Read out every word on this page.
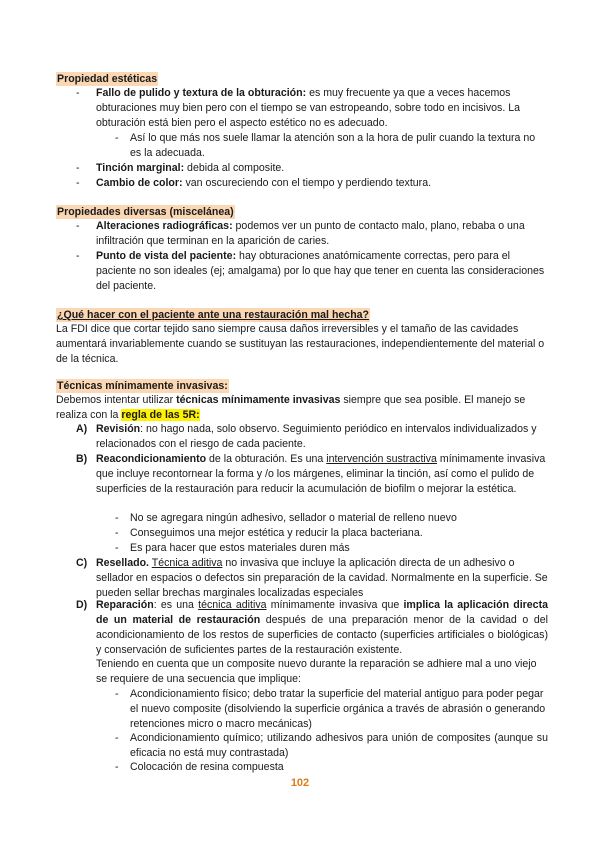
Propiedad estéticas
- Fallo de pulido y textura de la obturación: es muy frecuente ya que a veces hacemos obturaciones muy bien pero con el tiempo se van estropeando, sobre todo en incisivos. La obturación está bien pero el aspecto estético no es adecuado.
- Así lo que más nos suele llamar la atención son a la hora de pulir cuando la textura no es la adecuada.
- Tinción marginal: debida al composite.
- Cambio de color: van oscureciendo con el tiempo y perdiendo textura.
Propiedades diversas (miscelánea)
- Alteraciones radiográficas: podemos ver un punto de contacto malo, plano, rebaba o una infiltración que terminan en la aparición de caries.
- Punto de vista del paciente: hay obturaciones anatómicamente correctas, pero para el paciente no son ideales (ej; amalgama) por lo que hay que tener en cuenta las consideraciones del paciente.
¿Qué hacer con el paciente ante una restauración mal hecha?
La FDI dice que cortar tejido sano siempre causa daños irreversibles y el tamaño de las cavidades aumentará invariablemente cuando se sustituyan las restauraciones, independientemente del material o de la técnica.
Técnicas mínimamente invasivas:
Debemos intentar utilizar técnicas mínimamente invasivas siempre que sea posible. El manejo se realiza con la regla de las 5R:
A) Revisión: no hago nada, solo observo. Seguimiento periódico en intervalos individualizados y relacionados con el riesgo de cada paciente.
B) Reacondicionamiento de la obturación. Es una intervención sustractiva mínimamente invasiva que incluye recontornear la forma y /o los márgenes, eliminar la tinción, así como el pulido de superficies de la restauración para reducir la acumulación de biofilm o mejorar la estética.
- No se agregara ningún adhesivo, sellador o material de relleno nuevo
- Conseguimos una mejor estética y reducir la placa bacteriana.
- Es para hacer que estos materiales duren más
C) Resellado. Técnica aditiva no invasiva que incluye la aplicación directa de un adhesivo o sellador en espacios o defectos sin preparación de la cavidad. Normalmente en la superficie. Se pueden sellar brechas marginales localizadas especiales
D) Reparación: es una técnica aditiva mínimamente invasiva que implica la aplicación directa de un material de restauración después de una preparación menor de la cavidad o del acondicionamiento de los restos de superficies de contacto (superficies artificiales o biológicas) y conservación de suficientes partes de la restauración existente.
Teniendo en cuenta que un composite nuevo durante la reparación se adhiere mal a uno viejo se requiere de una secuencia que implique:
- Acondicionamiento físico; debo tratar la superficie del material antiguo para poder pegar el nuevo composite (disolviendo la superficie orgánica a través de abrasión o generando retenciones micro o macro mecánicas)
- Acondicionamiento químico; utilizando adhesivos para unión de composites (aunque su eficacia no está muy contrastada)
- Colocación de resina compuesta
102
